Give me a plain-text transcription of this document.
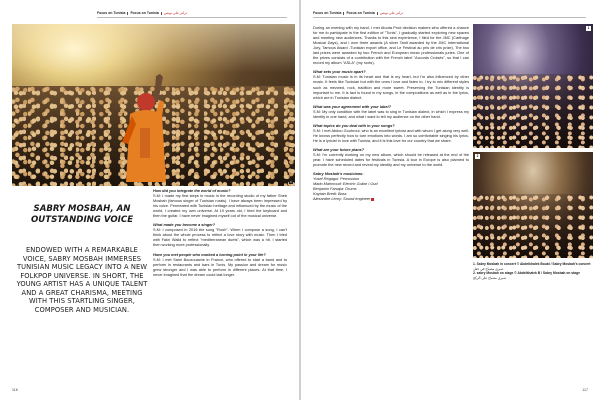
Focus on Tunisia Focus on Tunisia تركيز على تونس
1
SABRY MOSBAH, AN OUTSTANDING VOICE
ENDOWED WITH A REMARKABLE VOICE, SABRY MOSBAH IMMERSES TUNISIAN MUSIC LEGACY INTO A NEW FOLKPOP UNIVERSE. IN SHORT, THE YOUNG ARTIST HAS A UNIQUE TALENT AND A GREAT CHARISMA, MEETING WITH THIS STARTLING SINGER, COMPOSER AND MUSICIAN.

How did you integrate the world of music?
S.M: I made my first steps in music in the recording studio of my father Sheb Mosbah (famous singer of Tunisian rurals). I have always been impressed by his voice. Permeated with Tunisian heritage and influenced by the music of the world, I created my own universe. At 19 years old, I tried the keyboard and then the guitar. I have never imagined myself out of the musical universe.

What made you become a singer?
S.M: I composed in 2016 the song "Rouh". When I compose a song, I can't think about the whole process to reflect a love story with music. Then I tried with Fakri Walid to reflect "mediterranean duets", which was a hit. I started then working more professionally.

Have you met people who marked a turning point in your life?
S.M: I met Sami Bouzouache in France, who offered to start a band and to perform in restaurants and bars in Tunis. My passion and dream for music grew stronger and I was able to perform in different places. At that time, I never imagined that the dream could last longer.

116
Focus on Tunisia Focus on Tunisia تركيز على تونس

During an evening with my band, I met Atouta Prod decision makers who offered a chance for me to participate in the first edition of "Tunis". I gradually started exploring new spaces and meeting new audiences. Thanks to this new experience, I filed for the JMC (Carthage Musical Days), and I won three awards (A silver Tanit awarded by the JMC International Jury, Tamous Award -Tunisian export office, and Le Festival au pris de cris prize). The two last prizes were awarded by two French and European music professionals juries. One of the prizes consists of a contribution with the French label "Accords Croisés", so that I can record my album "ASLA" (my roots).

What sets your music apart?
S.M: Tunisian music is in its heart and that is my heart, but I'm also influenced by other music. It feels like Tunisian but with the ones I love and listen to. I try to mix different styles such as mezwed, rock, tradition and more sweet. Preserving the Tunisian identity is important to me. It is fact is found in my songs, in the compositions as well as in the lyrics, which are in Tunisian dialect.

What was your agreement with your label?
S.M: My only condition with the label was to sing in Tunisian dialect, in which I express my identity in one hand, and what I want to tell my audience on the other hand.

What topics do you deal with in your songs?
S.M: I met Abdou Gouhroui, who is an excellent lyricist and with whom I get along very well. He knows perfectly how to turn emotions into words. I am so comfortable singing his lyrics. He is a lyricist in love with Tunisia, and it is this love for our country that we share.

What are your future plans?
S.M: I'm currently working on my new album, which should be released at the end of the year. I have scheduled dates for festivals in Tunisia. A tour in Europe is also planned to promote the new record and reveal my identity and my universe to the world.

Sabry Mosbah's musicians:
Yosef Regagui: Percussion
Mado Mahmoud: Electric Guitar / Oud
Benjamin Faruqia: Drums
Kaytain Bredi: Bass
Alexandre Leroy: Sound engineer

1
2
1. Sabry Mosbah in concert © Abdelkhalek Boubl / Sabry Mosbah's concert
صبري مصباح في حفل
2. sabry Mosbah on stage © Abdelkhalek B / Sabry Mosbah on stage
صبري مصباح على الركح
117
